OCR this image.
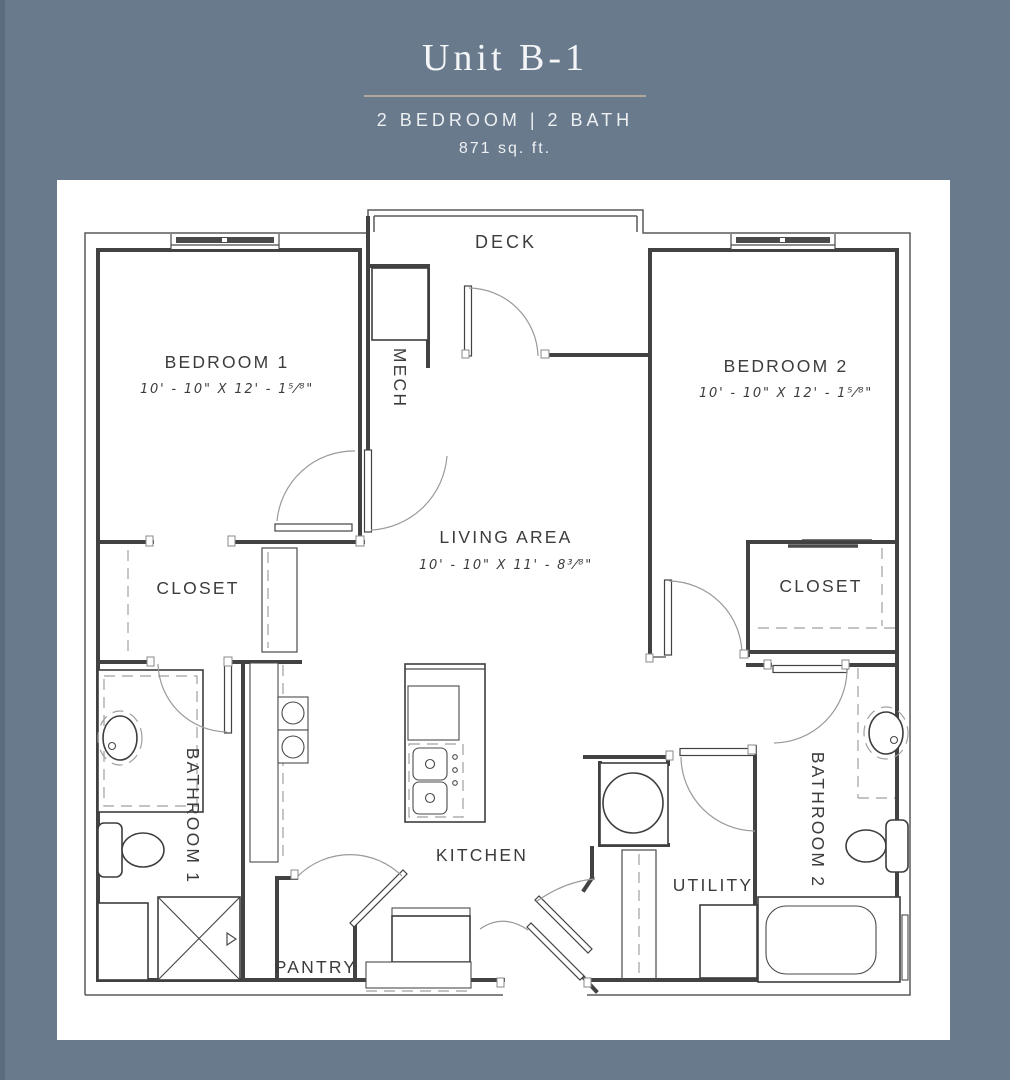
Unit B-1

2 BEDROOM | 2 BATH

871 sq. ft.

DECK
BEDROOM 1
10' - 10" X 12' - 1⁵⁄⁸"	MECH	BEDROOM 2
10' - 10" X 12' - 1⁵⁄⁸"
LIVING AREA
10' - 10" X 11' - 8³⁄⁸"
CLOSET	CLOSET
BATHROOM 1	BATHROOM 2
KITCHEN
UTILITY
PANTRY
